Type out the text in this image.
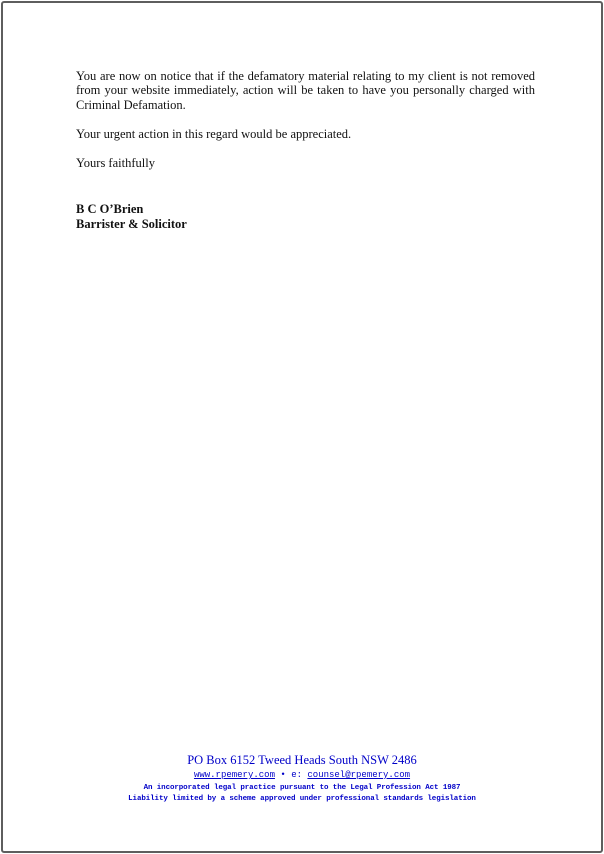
You are now on notice that if the defamatory material relating to my client is not removed from your website immediately, action will be taken to have you personally charged with Criminal Defamation.

Your urgent action in this regard would be appreciated.

Yours faithfully

B C O’Brien
Barrister & Solicitor
PO Box 6152 Tweed Heads South NSW 2486
www.rpemery.com • e: counsel@rpemery.com
An incorporated legal practice pursuant to the Legal Profession Act 1987
Liability limited by a scheme approved under professional standards legislation
